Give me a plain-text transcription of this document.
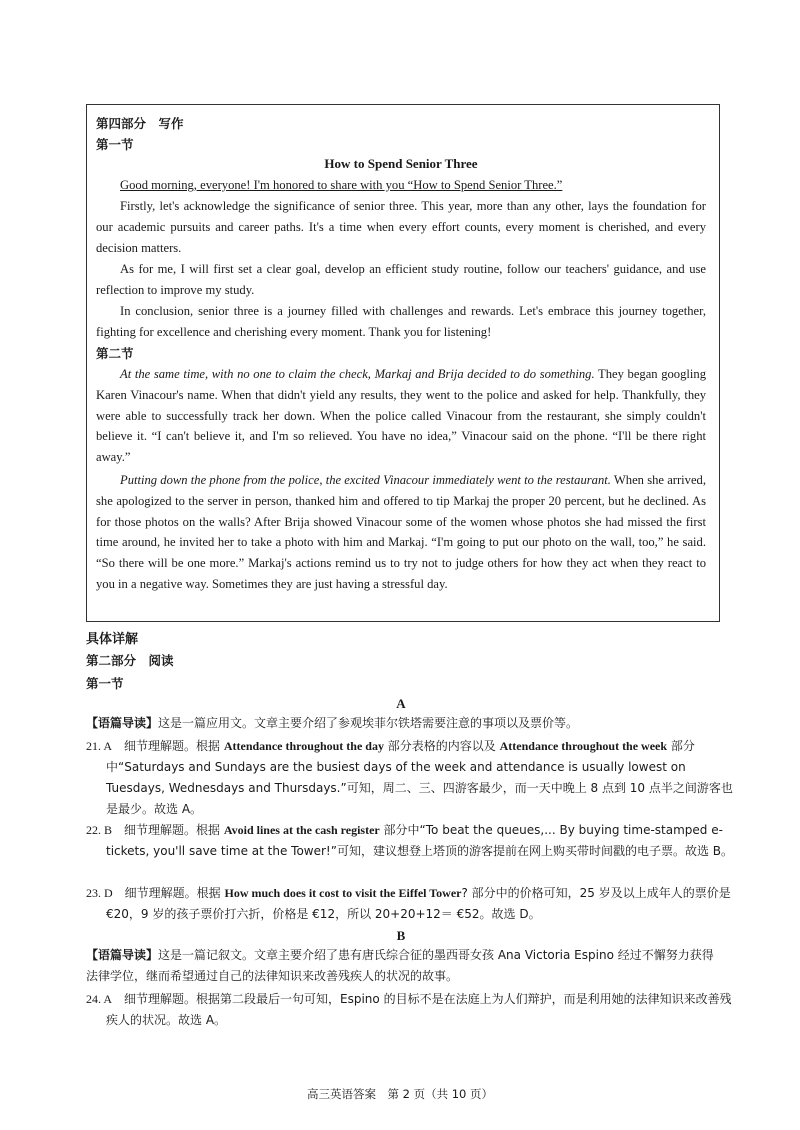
第四部分　写作
第一节
How to Spend Senior Three
Good morning, everyone! I'm honored to share with you “How to Spend Senior Three.”
Firstly, let's acknowledge the significance of senior three. This year, more than any other, lays the foundation for our academic pursuits and career paths. It's a time when every effort counts, every moment is cherished, and every decision matters.
As for me, I will first set a clear goal, develop an efficient study routine, follow our teachers' guidance, and use reflection to improve my study.
In conclusion, senior three is a journey filled with challenges and rewards. Let's embrace this journey together, fighting for excellence and cherishing every moment. Thank you for listening!
第二节
At the same time, with no one to claim the check, Markaj and Brija decided to do something. They began googling Karen Vinacour's name. When that didn't yield any results, they went to the police and asked for help. Thankfully, they were able to successfully track her down. When the police called Vinacour from the restaurant, she simply couldn't believe it. “I can't believe it, and I'm so relieved. You have no idea,” Vinacour said on the phone. “I'll be there right away.”
Putting down the phone from the police, the excited Vinacour immediately went to the restaurant. When she arrived, she apologized to the server in person, thanked him and offered to tip Markaj the proper 20 percent, but he declined. As for those photos on the walls? After Brija showed Vinacour some of the women whose photos she had missed the first time around, he invited her to take a photo with him and Markaj. “I'm going to put our photo on the wall, too,” he said. “So there will be one more.” Markaj's actions remind us to try not to judge others for how they act when they react to you in a negative way. Sometimes they are just having a stressful day.
具体详解
第二部分　阅读
第一节
A
【语篇导读】这是一篇应用文。文章主要介绍了参观埃菲尔铁塔需要注意的事项以及票价等。
21. A　细节理解题。根据 Attendance throughout the day 部分表格的内容以及 Attendance throughout the week 部分中“Saturdays and Sundays are the busiest days of the week and attendance is usually lowest on Tuesdays, Wednesdays and Thursdays.”可知，周二、三、四游客最少，而一天中晚上 8 点到 10 点半之间游客也是最少。故选 A。
22. B　细节理解题。根据 Avoid lines at the cash register 部分中“To beat the queues,... By buying time-stamped e-tickets, you'll save time at the Tower!”可知，建议想登上塔顶的游客提前在网上购买带时间戳的电子票。故选 B。
23. D　细节理解题。根据 How much does it cost to visit the Eiffel Tower? 部分中的价格可知，25 岁及以上成年人的票价是 €20，9 岁的孩子票价打六折，价格是 €12，所以 20+20+12＝ €52。故选 D。
B
【语篇导读】这是一篇记叙文。文章主要介绍了患有唐氏综合征的墨西哥女孩 Ana Victoria Espino 经过不懈努力获得法律学位，继而希望通过自己的法律知识来改善残疾人的状况的故事。
24. A　细节理解题。根据第二段最后一句可知，Espino 的目标不是在法庭上为人们辩护，而是利用她的法律知识来改善残疾人的状况。故选 A。
高三英语答案　第 2 页（共 10 页）
